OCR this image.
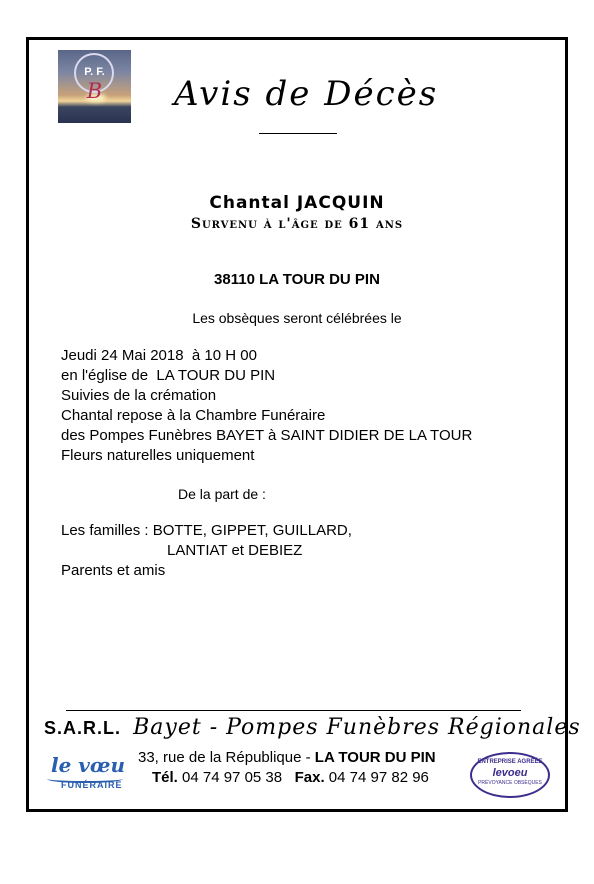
P. F.
B	Avis de Décès
Chantal JACQUIN
Survenu à l'âge de 61 ans
38110 LA TOUR DU PIN
Les obsèques seront célébrées le
Jeudi 24 Mai 2018  à 10 H 00
en l'église de  LA TOUR DU PIN
Suivies de la crémation
Chantal repose à la Chambre Funéraire
des Pompes Funèbres BAYET à SAINT DIDIER DE LA TOUR
Fleurs naturelles uniquement
De la part de :
Les familles : BOTTE, GIPPET, GUILLARD,
LANTIAT et DEBIEZ
Parents et amis
S.A.R.L. Bayet - Pompes Funèbres Régionales
33, rue de la République - LA TOUR DU PIN
Tél. 04 74 97 05 38 Fax. 04 74 97 82 96
le vœu
FUNÉRAIRE
ENTREPRISE AGRÉÉE
levoeu
PRÉVOYANCE OBSÈQUES
